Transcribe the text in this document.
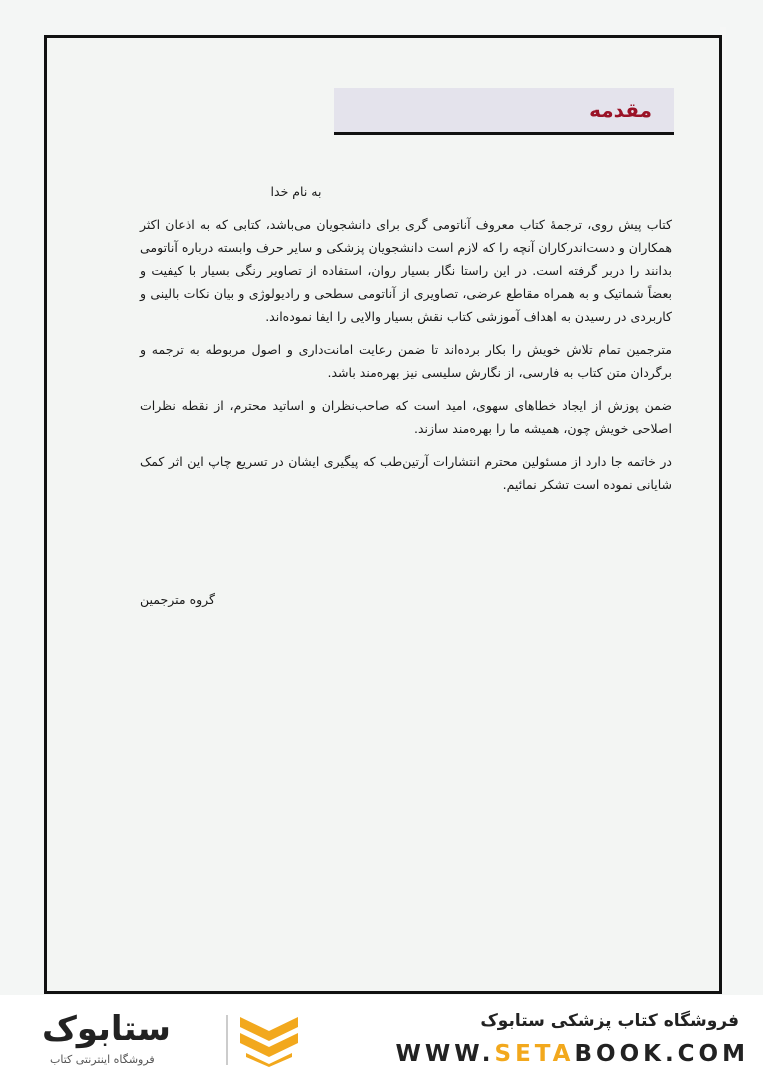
مقدمه

به نام خدا

کتاب پیش روی، ترجمهٔ کتاب معروف آناتومی گری برای دانشجویان می‌باشد، کتابی که به اذعان اکثر همکاران و دست‌اندرکاران آنچه را که لازم است دانشجویان پزشکی و سایر حرف وابسته درباره آناتومی بدانند را دربر گرفته است. در این راستا نگار بسیار روان، استفاده از تصاویر رنگی بسیار با کیفیت و بعضاً شماتیک و به همراه مقاطع عرضی، تصاویری از آناتومی سطحی و رادیولوژی و بیان نکات بالینی و کاربردی در رسیدن به اهداف آموزشی کتاب نقش بسیار والایی را ایفا نموده‌اند.

مترجمین تمام تلاش خویش را بکار برده‌اند تا ضمن رعایت امانت‌داری و اصول مربوطه به ترجمه و برگردان متن کتاب به فارسی، از نگارش سلیسی نیز بهره‌مند باشد.

ضمن پوزش از ایجاد خطاهای سهوی، امید است که صاحب‌نظران و اساتید محترم، از نقطه نظرات اصلاحی خویش چون، همیشه ما را بهره‌مند سازند.

در خاتمه جا دارد از مسئولین محترم انتشارات آرتین‌طب که پیگیری ایشان در تسریع چاپ این اثر کمک شایانی نموده است تشکر نمائیم.

گروه مترجمین
ستابوک
فروشگاه اینترنتی کتاب
فروشگاه کتاب پزشکی ستابوک
WWW.SETABOOK.COM
